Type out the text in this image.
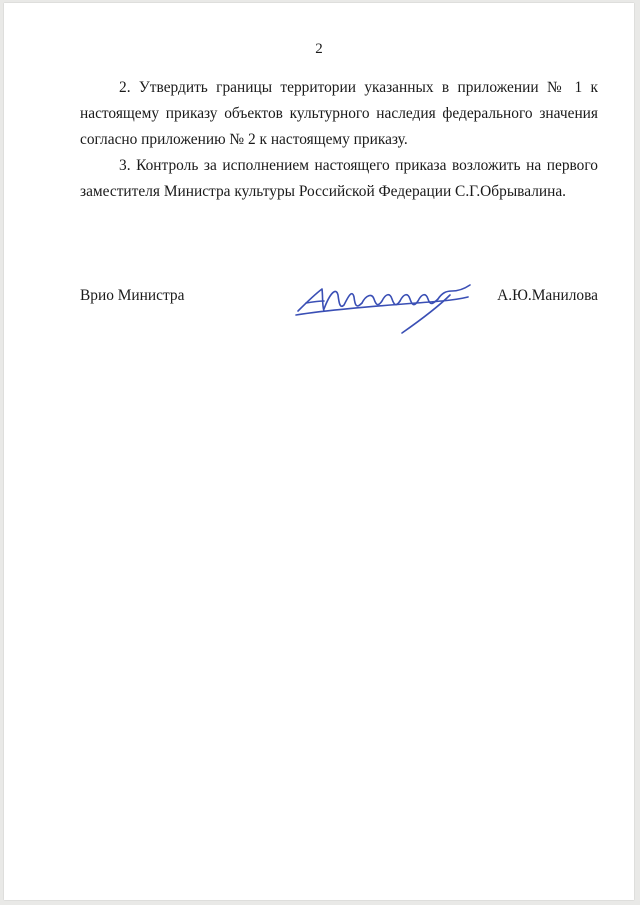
2

2. Утвердить границы территории указанных в приложении № 1 к настоящему приказу объектов культурного наследия федерального значения согласно приложению № 2 к настоящему приказу.

3. Контроль за исполнением настоящего приказа возложить на первого заместителя Министра культуры Российской Федерации С.Г.Обрывалина.

Врио Министра	А.Ю.Манилова
